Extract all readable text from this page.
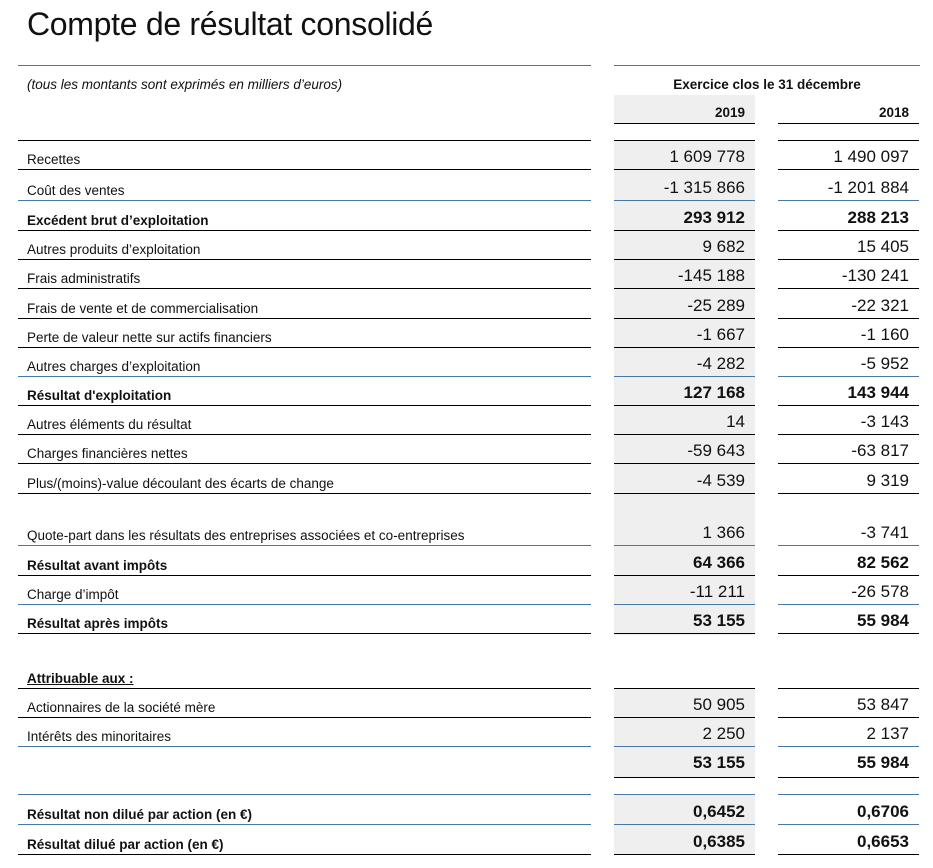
Compte de résultat consolidé
(tous les montants sont exprimés en milliers d’euros)	Exercice clos le 31 décembre
2019	2018
Recettes	1 609 778	1 490 097
Coût des ventes	-1 315 866	-1 201 884
Excédent brut d’exploitation	293 912	288 213
Autres produits d’exploitation	9 682	15 405
Frais administratifs	-145 188	-130 241
Frais de vente et de commercialisation	-25 289	-22 321
Perte de valeur nette sur actifs financiers	-1 667	-1 160
Autres charges d’exploitation	-4 282	-5 952
Résultat d'exploitation	127 168	143 944
Autres éléments du résultat	14	-3 143
Charges financières nettes	-59 643	-63 817
Plus/(moins)-value découlant des écarts de change	-4 539	9 319
Quote-part dans les résultats des entreprises associées et co-entreprises	1 366	-3 741
Résultat avant impôts	64 366	82 562
Charge d’impôt	-11 211	-26 578
Résultat après impôts	53 155	55 984
Attribuable aux :
Actionnaires de la société mère	50 905	53 847
Intérêts des minoritaires	2 250	2 137
53 155	55 984
Résultat non dilué par action (en €)	0,6452	0,6706
Résultat dilué par action (en €)	0,6385	0,6653
